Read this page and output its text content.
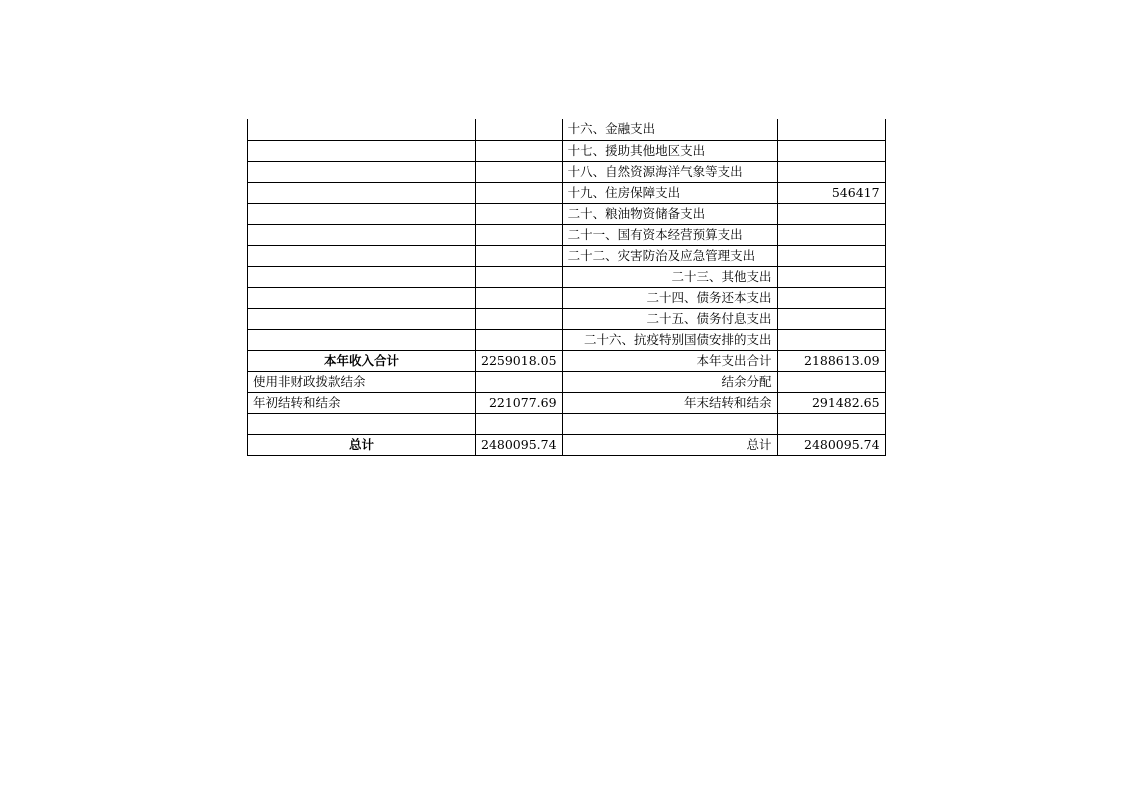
		十六、金融支出	
		十七、援助其他地区支出	
		十八、自然资源海洋气象等支出	
		十九、住房保障支出	546417
		二十、粮油物资储备支出	
		二十一、国有资本经营预算支出	
		二十二、灾害防治及应急管理支出	
		二十三、其他支出	
		二十四、债务还本支出	
		二十五、债务付息支出	
		二十六、抗疫特别国债安排的支出	
本年收入合计	2259018.05	本年支出合计	2188613.09
使用非财政拨款结余		结余分配	
年初结转和结余	221077.69	年末结转和结余	291482.65

总计	2480095.74	总计	2480095.74
